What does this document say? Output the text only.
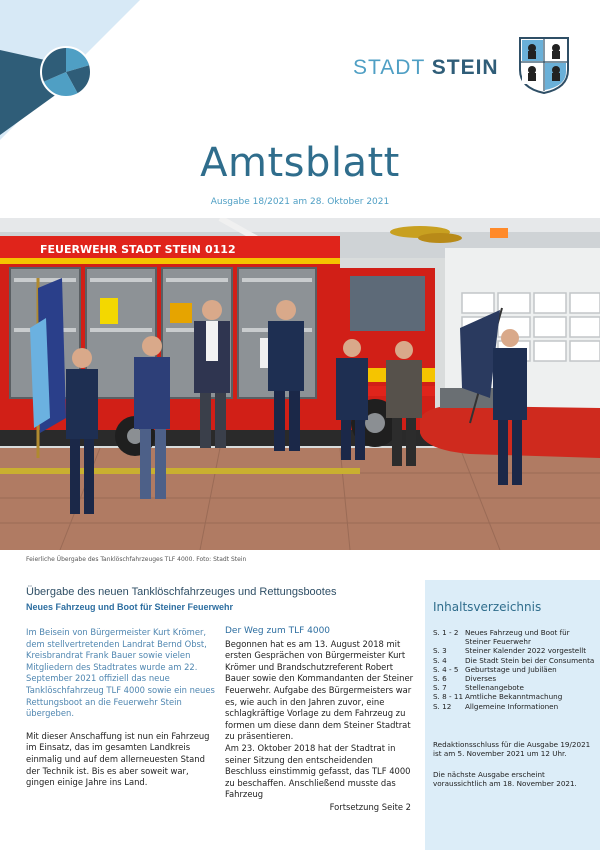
STADT STEIN
Amtsblatt
Ausgabe 18/2021 am 28. Oktober 2021
FEUERWEHR STADT STEIN 0112
Feierliche Übergabe des Tanklöschfahrzeuges TLF 4000. Foto: Stadt Stein
Übergabe des neuen Tanklöschfahrzeuges und Rettungsbootes
Neues Fahrzeug und Boot für Steiner Feuerwehr

Im Beisein von Bürgermeister Kurt Krömer, dem stellvertretenden Landrat Bernd Obst, Kreisbrandrat Frank Bauer sowie vielen Mitgliedern des Stadtrates wurde am 22. September 2021 offiziell das neue Tanklöschfahrzeug TLF 4000 sowie ein neues Rettungsboot an die Feuerwehr Stein übergeben.

Mit dieser Anschaffung ist nun ein Fahrzeug im Einsatz, das im gesamten Landkreis einmalig und auf dem allerneuesten Stand der Technik ist. Bis es aber soweit war, gingen einige Jahre ins Land.

Der Weg zum TLF 4000

Begonnen hat es am 13. August 2018 mit ersten Gesprächen von Bürgermeister Kurt Krömer und Brandschutzreferent Robert Bauer sowie den Kommandanten der Steiner Feuerwehr. Aufgabe des Bürgermeisters war es, wie auch in den Jahren zuvor, eine schlagkräftige Vorlage zu dem Fahrzeug zu formen um diese dann dem Steiner Stadtrat zu präsentieren.

Am 23. Oktober 2018 hat der Stadtrat in seiner Sitzung den entscheidenden Beschluss einstimmig gefasst, das TLF 4000 zu beschaffen. Anschließend musste das Fahrzeug

Fortsetzung Seite 2
Inhaltsverzeichnis
S. 1 - 2 Neues Fahrzeug und Boot für Steiner Feuerwehr
S. 3	Steiner Kalender 2022 vorgestellt
S. 4	Die Stadt Stein bei der Consumenta
S. 4 - 5 Geburtstage und Jubiläen
S. 6	Diverses
S. 7	Stellenangebote
S. 8 - 11 Amtliche Bekanntmachung
S. 12	Allgemeine Informationen
Redaktionsschluss für die Ausgabe 19/2021 ist am 5. November 2021 um 12 Uhr.
Die nächste Ausgabe erscheint voraussichtlich am 18. November 2021.
